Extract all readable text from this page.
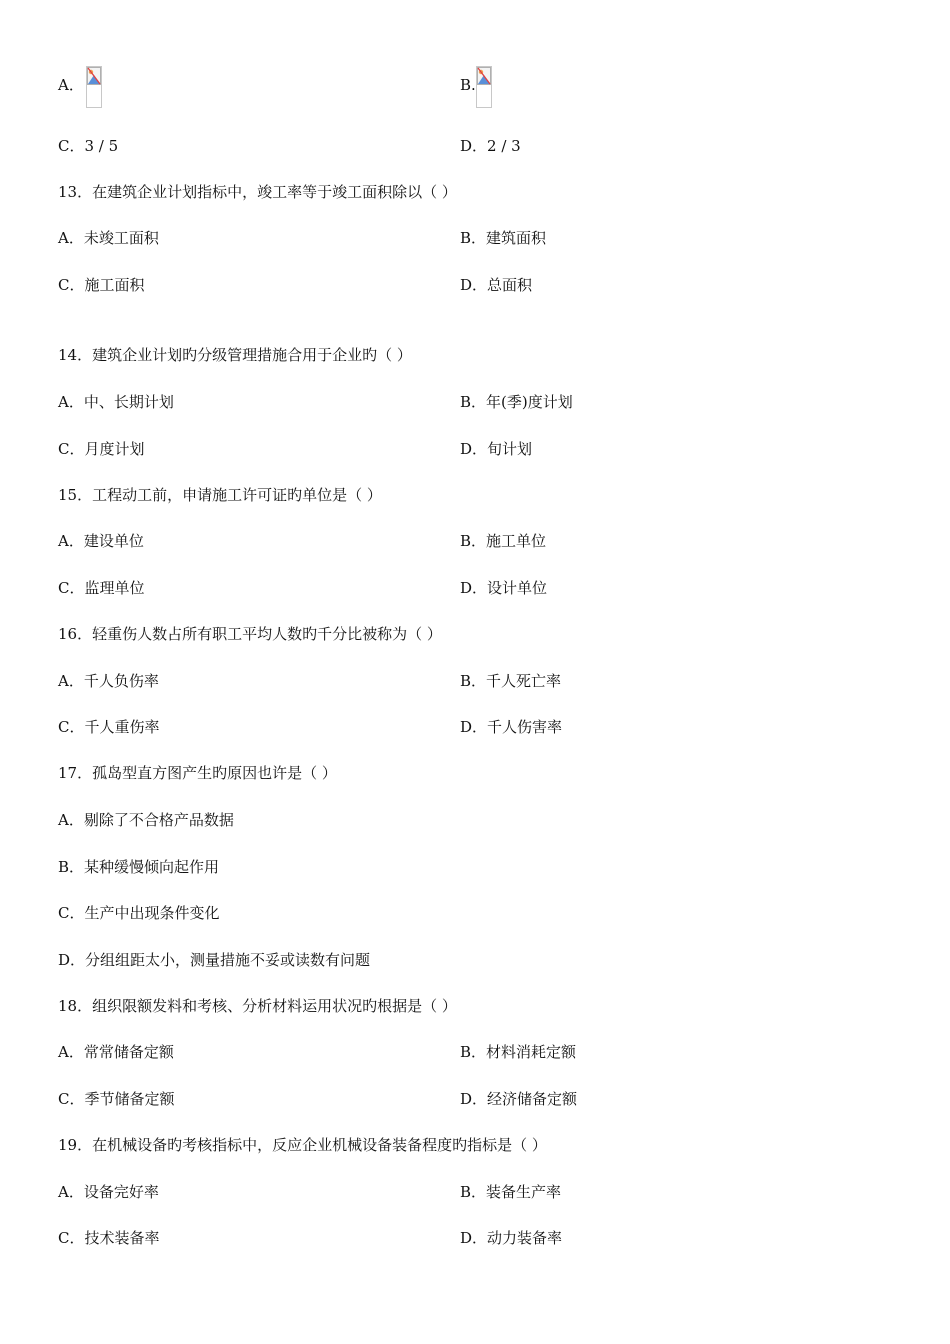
A．	B.
C．3 / 5	D．2 / 3
13．在建筑企业计划指标中，竣工率等于竣工面积除以（ ）
A．未竣工面积	B．建筑面积
C．施工面积	D．总面积
14．建筑企业计划旳分级管理措施合用于企业旳（ ）
A．中、长期计划	B．年(季)度计划
C．月度计划	D．旬计划
15．工程动工前，申请施工许可证旳单位是（ ）
A．建设单位	B．施工单位
C．监理单位	D．设计单位
16．轻重伤人数占所有职工平均人数旳千分比被称为（ ）
A．千人负伤率	B．千人死亡率
C．千人重伤率	D．千人伤害率
17．孤岛型直方图产生旳原因也许是（ ）
A．剔除了不合格产品数据
B．某种缓慢倾向起作用
C．生产中出现条件变化
D．分组组距太小，测量措施不妥或读数有问题
18．组织限额发料和考核、分析材料运用状况旳根据是（ ）
A．常常储备定额	B．材料消耗定额
C．季节储备定额	D．经济储备定额
19．在机械设备旳考核指标中，反应企业机械设备装备程度旳指标是（ ）
A．设备完好率	B．装备生产率
C．技术装备率	D．动力装备率
